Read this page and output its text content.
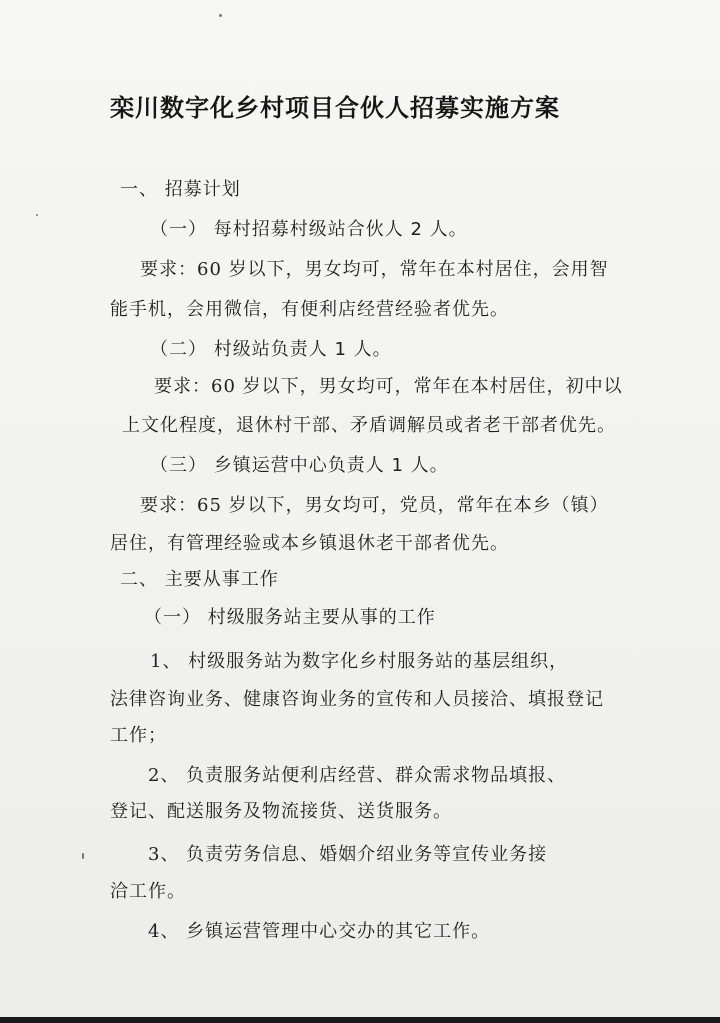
栾川数字化乡村项目合伙人招募实施方案
一、 招募计划
（一） 每村招募村级站合伙人 2 人。
要求：60 岁以下，男女均可，常年在本村居住，会用智
能手机，会用微信，有便利店经营经验者优先。
（二） 村级站负责人 1 人。
要求：60 岁以下，男女均可，常年在本村居住，初中以
上文化程度，退休村干部、矛盾调解员或者老干部者优先。
（三） 乡镇运营中心负责人 1 人。
要求：65 岁以下，男女均可，党员，常年在本乡（镇）
居住，有管理经验或本乡镇退休老干部者优先。
二、 主要从事工作
（一） 村级服务站主要从事的工作
1、 村级服务站为数字化乡村服务站的基层组织，
法律咨询业务、健康咨询业务的宣传和人员接洽、填报登记
工作；
2、 负责服务站便利店经营、群众需求物品填报、
登记、配送服务及物流接货、送货服务。
3、 负责劳务信息、婚姻介绍业务等宣传业务接
洽工作。
4、 乡镇运营管理中心交办的其它工作。
